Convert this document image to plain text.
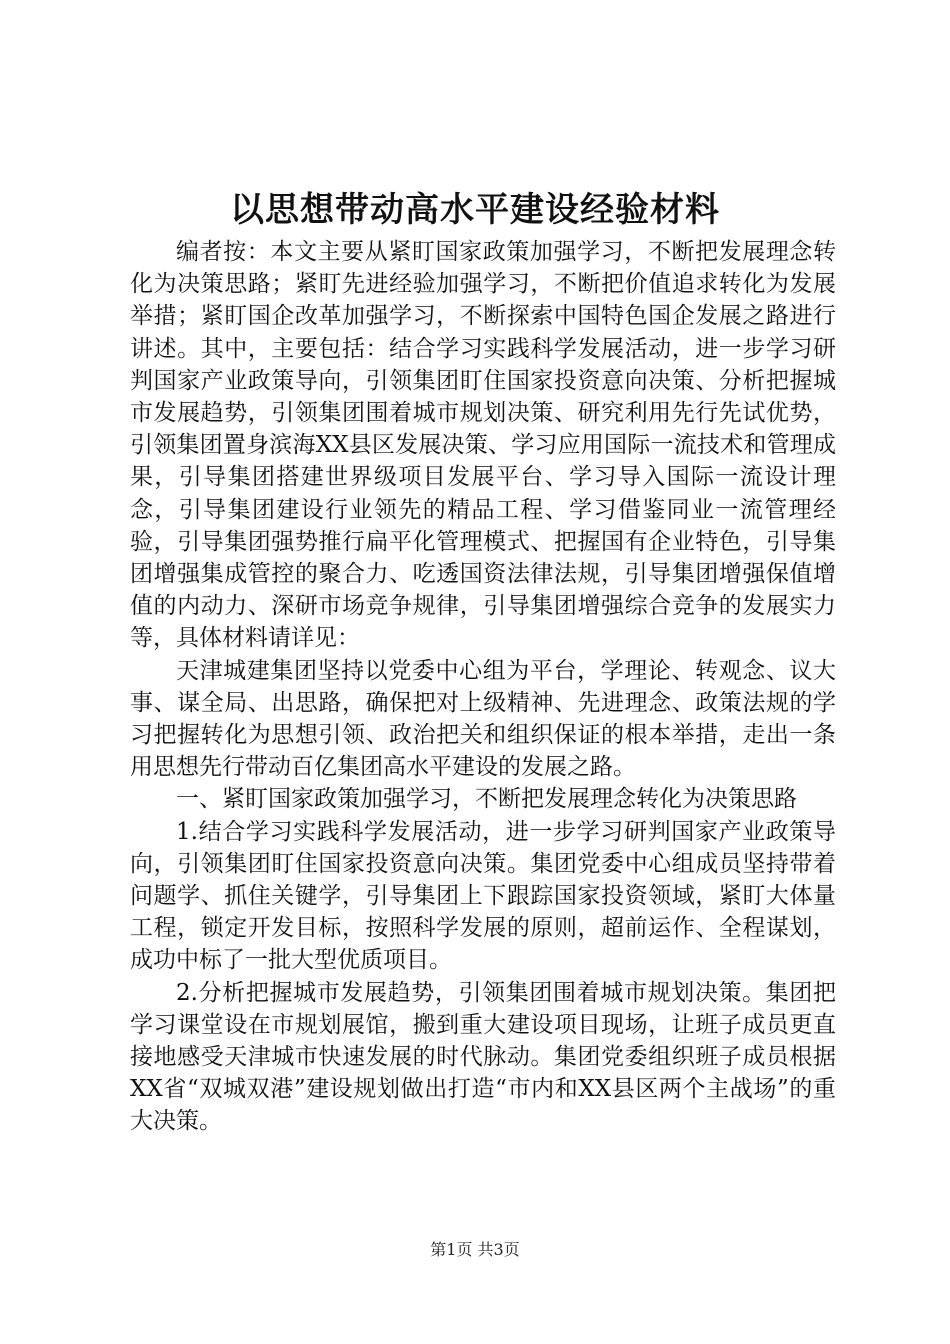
以思想带动高水平建设经验材料

编者按：本文主要从紧盯国家政策加强学习，不断把发展理念转化为决策思路；紧盯先进经验加强学习，不断把价值追求转化为发展举措；紧盯国企改革加强学习，不断探索中国特色国企发展之路进行讲述。其中，主要包括：结合学习实践科学发展活动，进一步学习研判国家产业政策导向，引领集团盯住国家投资意向决策、分析把握城市发展趋势，引领集团围着城市规划决策、研究利用先行先试优势，引领集团置身滨海XX县区发展决策、学习应用国际一流技术和管理成果，引导集团搭建世界级项目发展平台、学习导入国际一流设计理念，引导集团建设行业领先的精品工程、学习借鉴同业一流管理经验，引导集团强势推行扁平化管理模式、把握国有企业特色，引导集团增强集成管控的聚合力、吃透国资法律法规，引导集团增强保值增值的内动力、深研市场竞争规律，引导集团增强综合竞争的发展实力等，具体材料请详见：

天津城建集团坚持以党委中心组为平台，学理论、转观念、议大事、谋全局、出思路，确保把对上级精神、先进理念、政策法规的学习把握转化为思想引领、政治把关和组织保证的根本举措，走出一条用思想先行带动百亿集团高水平建设的发展之路。

一、紧盯国家政策加强学习，不断把发展理念转化为决策思路

1.结合学习实践科学发展活动，进一步学习研判国家产业政策导向，引领集团盯住国家投资意向决策。集团党委中心组成员坚持带着问题学、抓住关键学，引导集团上下跟踪国家投资领域，紧盯大体量工程，锁定开发目标，按照科学发展的原则，超前运作、全程谋划，成功中标了一批大型优质项目。

2.分析把握城市发展趋势，引领集团围着城市规划决策。集团把学习课堂设在市规划展馆，搬到重大建设项目现场，让班子成员更直接地感受天津城市快速发展的时代脉动。集团党委组织班子成员根据XX省“双城双港”建设规划做出打造“市内和XX县区两个主战场”的重大决策。

第1页 共3页
